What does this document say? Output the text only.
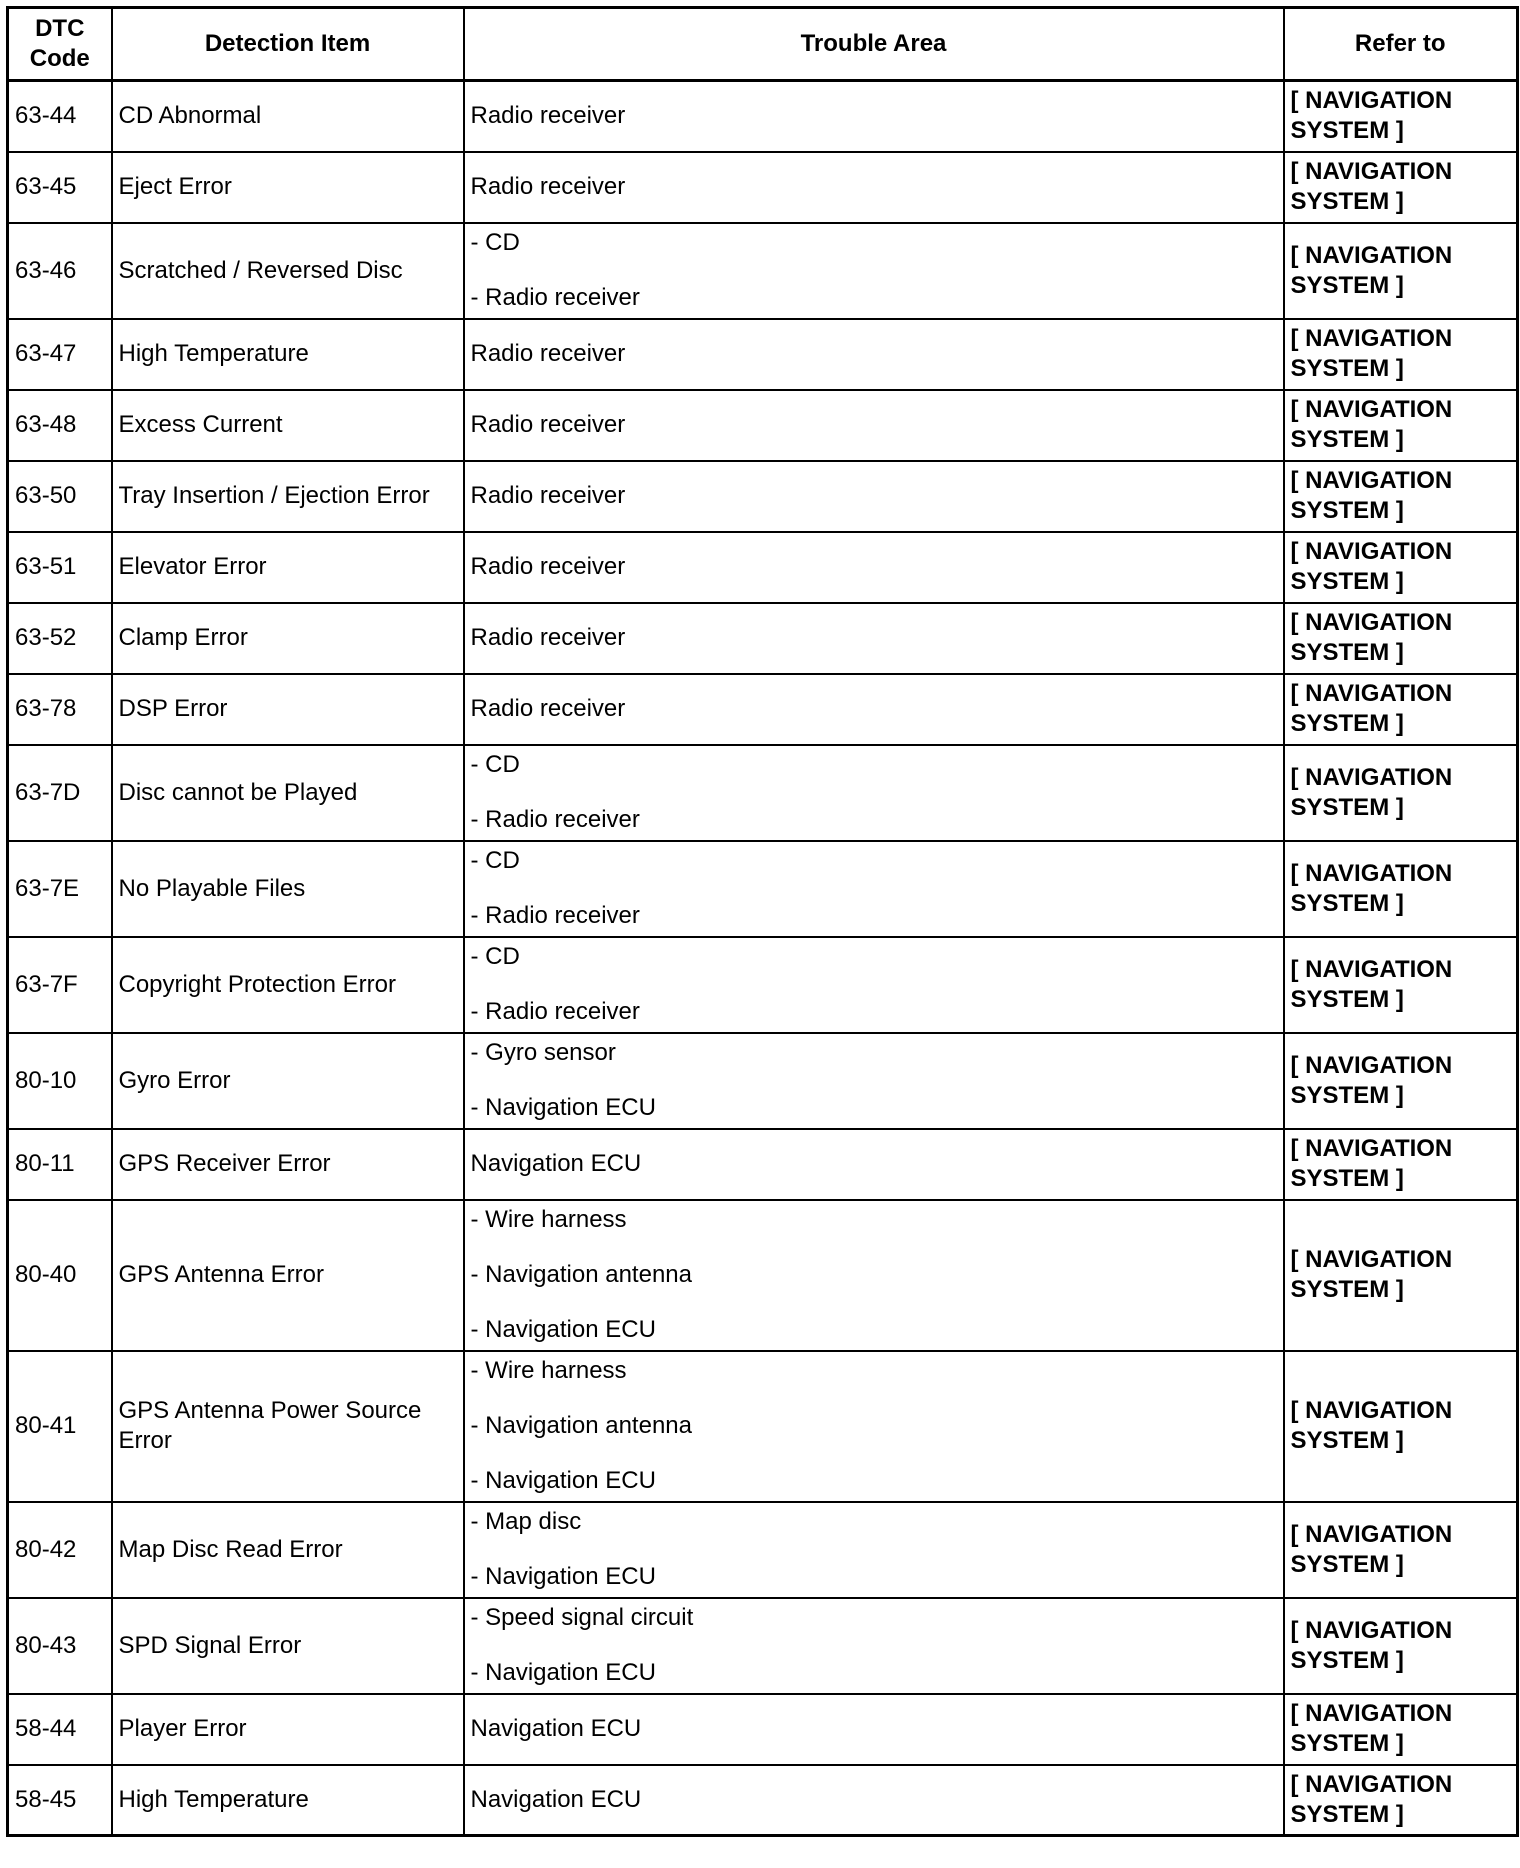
DTC Code	Detection Item	Trouble Area	Refer to
63-44	CD Abnormal	Radio receiver	[ NAVIGATION SYSTEM ]
63-45	Eject Error	Radio receiver	[ NAVIGATION SYSTEM ]
63-46	Scratched / Reversed Disc	- CD
- Radio receiver	[ NAVIGATION SYSTEM ]
63-47	High Temperature	Radio receiver	[ NAVIGATION SYSTEM ]
63-48	Excess Current	Radio receiver	[ NAVIGATION SYSTEM ]
63-50	Tray Insertion / Ejection Error	Radio receiver	[ NAVIGATION SYSTEM ]
63-51	Elevator Error	Radio receiver	[ NAVIGATION SYSTEM ]
63-52	Clamp Error	Radio receiver	[ NAVIGATION SYSTEM ]
63-78	DSP Error	Radio receiver	[ NAVIGATION SYSTEM ]
63-7D	Disc cannot be Played	- CD
- Radio receiver	[ NAVIGATION SYSTEM ]
63-7E	No Playable Files	- CD
- Radio receiver	[ NAVIGATION SYSTEM ]
63-7F	Copyright Protection Error	- CD
- Radio receiver	[ NAVIGATION SYSTEM ]
80-10	Gyro Error	- Gyro sensor
- Navigation ECU	[ NAVIGATION SYSTEM ]
80-11	GPS Receiver Error	Navigation ECU	[ NAVIGATION SYSTEM ]
80-40	GPS Antenna Error	- Wire harness
- Navigation antenna
- Navigation ECU	[ NAVIGATION SYSTEM ]
80-41	GPS Antenna Power Source Error	- Wire harness
- Navigation antenna
- Navigation ECU	[ NAVIGATION SYSTEM ]
80-42	Map Disc Read Error	- Map disc
- Navigation ECU	[ NAVIGATION SYSTEM ]
80-43	SPD Signal Error	- Speed signal circuit
- Navigation ECU	[ NAVIGATION SYSTEM ]
58-44	Player Error	Navigation ECU	[ NAVIGATION SYSTEM ]
58-45	High Temperature	Navigation ECU	[ NAVIGATION SYSTEM ]
